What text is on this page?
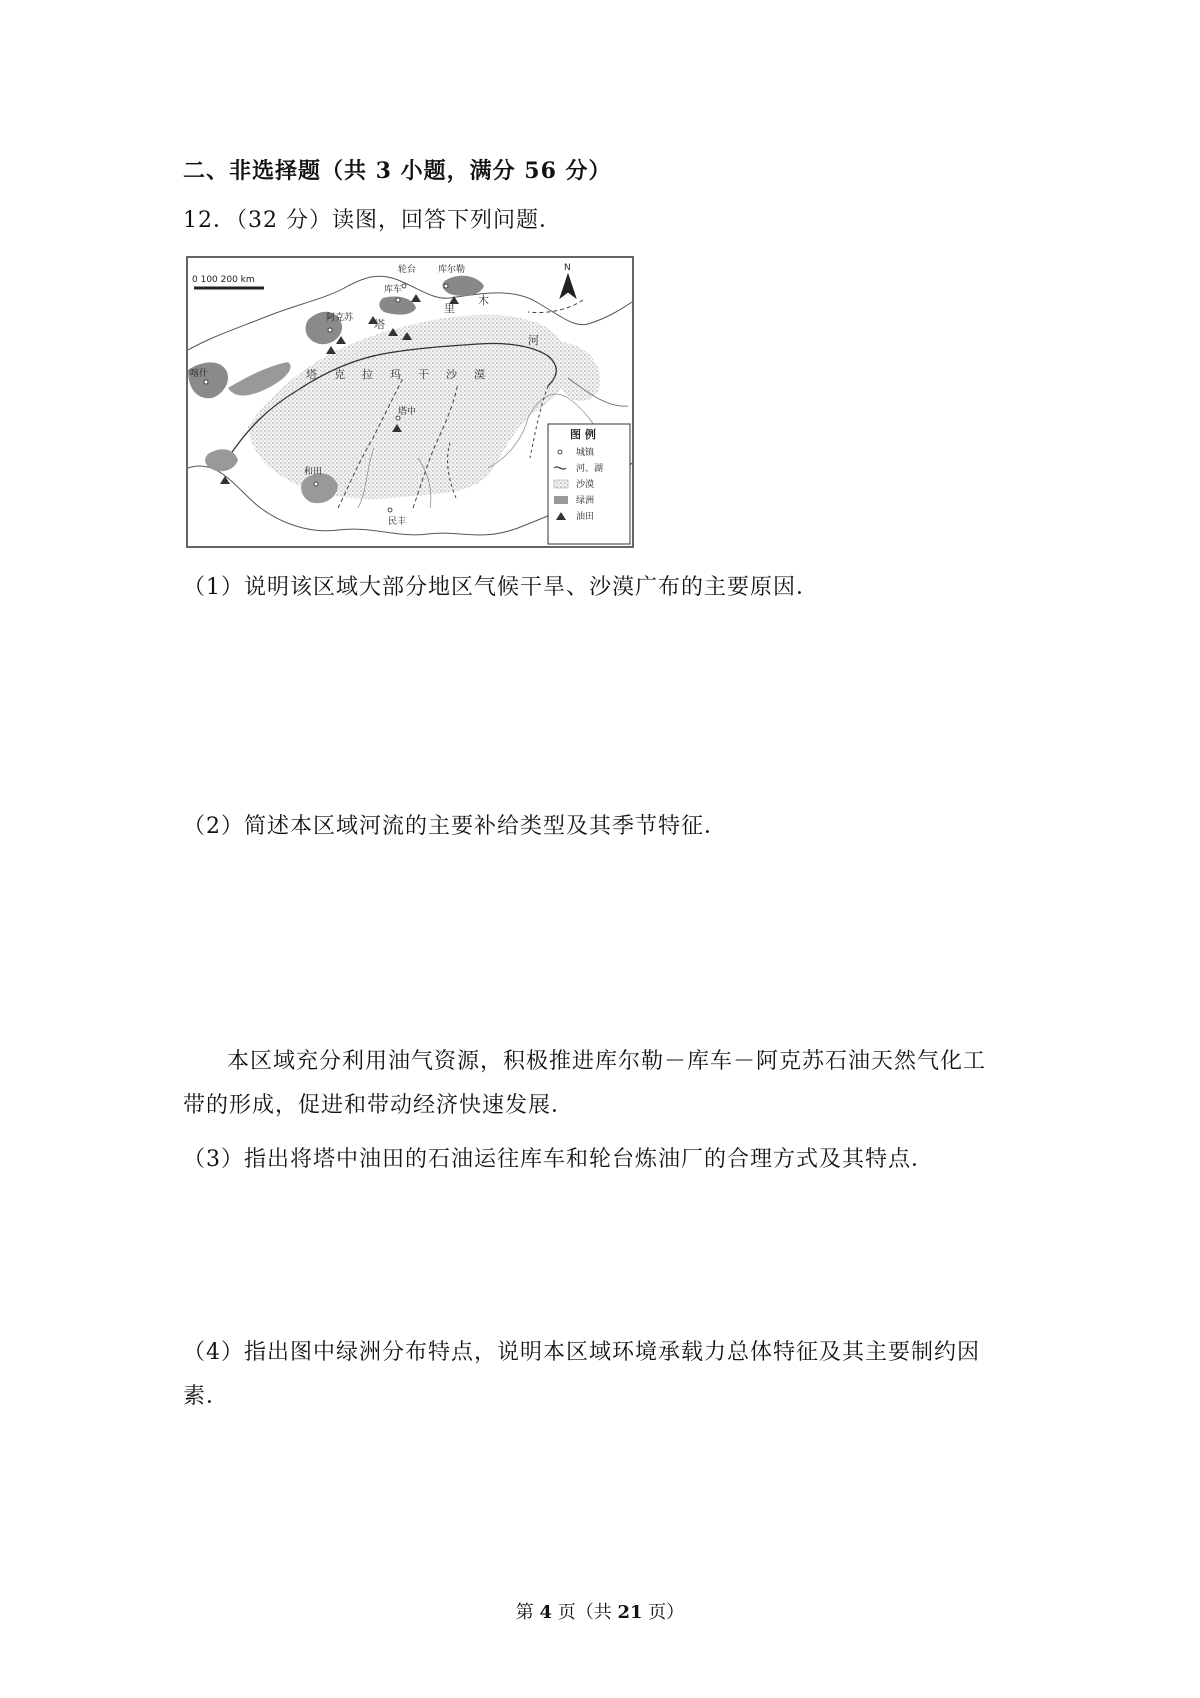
二、非选择题（共 3 小题，满分 56 分）
12．（32 分）读图，回答下列问题．
0 100 200 km
N
轮台 库尔勒
库车
阿克苏
喀什
和田
塔中
民丰
塔 克 拉 玛 干 沙 漠
塔
里
木
河
图 例
城镇
河、湖
沙漠
绿洲
油田
（1）说明该区域大部分地区气候干旱、沙漠广布的主要原因．
（2）简述本区域河流的主要补给类型及其季节特征．
本区域充分利用油气资源，积极推进库尔勒－库车－阿克苏石油天然气化工
带的形成，促进和带动经济快速发展．
（3）指出将塔中油田的石油运往库车和轮台炼油厂的合理方式及其特点．
（4）指出图中绿洲分布特点，说明本区域环境承载力总体特征及其主要制约因
素．
第 4 页（共 21 页）
